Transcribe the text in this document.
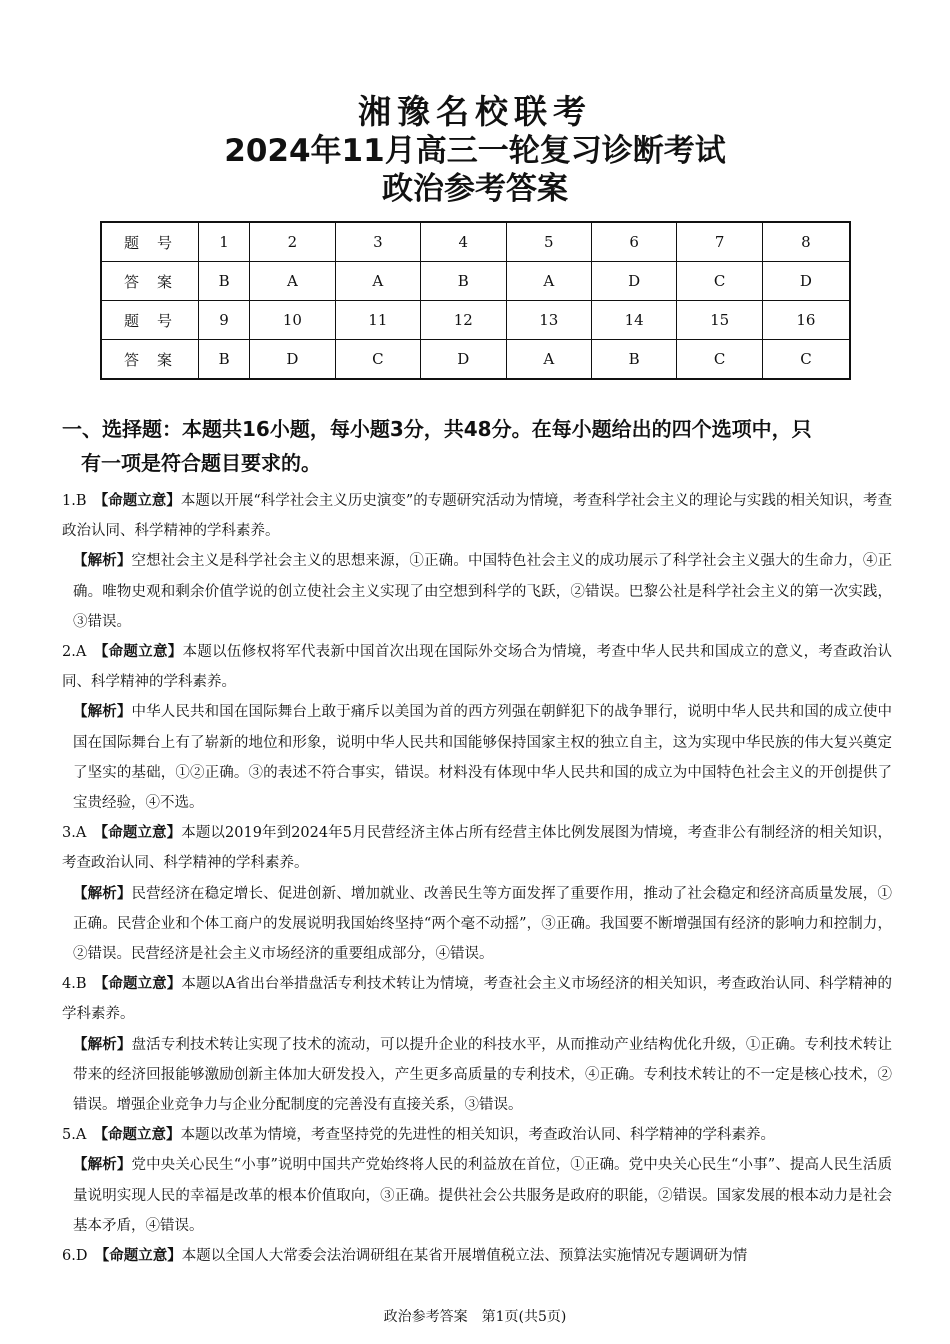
湘豫名校联考
2024年11月高三一轮复习诊断考试
政治参考答案
题号	1	2	3	4	5	6	7	8
答案	B	A	A	B	A	D	C	D
题号	9	10	11	12	13	14	15	16
答案	B	D	C	D	A	B	C	C
一、选择题：本题共16小题，每小题3分，共48分。在每小题给出的四个选项中，只
有一项是符合题目要求的。

1.B  【命题立意】本题以开展“科学社会主义历史演变”的专题研究活动为情境，考查科学社会主义的理论与实践的相关知识，考查政治认同、科学精神的学科素养。

【解析】空想社会主义是科学社会主义的思想来源，①正确。中国特色社会主义的成功展示了科学社会主义强大的生命力，④正确。唯物史观和剩余价值学说的创立使社会主义实现了由空想到科学的飞跃，②错误。巴黎公社是科学社会主义的第一次实践，③错误。

2.A  【命题立意】本题以伍修权将军代表新中国首次出现在国际外交场合为情境，考查中华人民共和国成立的意义，考查政治认同、科学精神的学科素养。

【解析】中华人民共和国在国际舞台上敢于痛斥以美国为首的西方列强在朝鲜犯下的战争罪行，说明中华人民共和国的成立使中国在国际舞台上有了崭新的地位和形象，说明中华人民共和国能够保持国家主权的独立自主，这为实现中华民族的伟大复兴奠定了坚实的基础，①②正确。③的表述不符合事实，错误。材料没有体现中华人民共和国的成立为中国特色社会主义的开创提供了宝贵经验，④不选。

3.A  【命题立意】本题以2019年到2024年5月民营经济主体占所有经营主体比例发展图为情境，考查非公有制经济的相关知识，考查政治认同、科学精神的学科素养。

【解析】民营经济在稳定增长、促进创新、增加就业、改善民生等方面发挥了重要作用，推动了社会稳定和经济高质量发展，①正确。民营企业和个体工商户的发展说明我国始终坚持“两个毫不动摇”，③正确。我国要不断增强国有经济的影响力和控制力，②错误。民营经济是社会主义市场经济的重要组成部分，④错误。

4.B  【命题立意】本题以A省出台举措盘活专利技术转让为情境，考查社会主义市场经济的相关知识，考查政治认同、科学精神的学科素养。

【解析】盘活专利技术转让实现了技术的流动，可以提升企业的科技水平，从而推动产业结构优化升级，①正确。专利技术转让带来的经济回报能够激励创新主体加大研发投入，产生更多高质量的专利技术，④正确。专利技术转让的不一定是核心技术，②错误。增强企业竞争力与企业分配制度的完善没有直接关系，③错误。

5.A  【命题立意】本题以改革为情境，考查坚持党的先进性的相关知识，考查政治认同、科学精神的学科素养。

【解析】党中央关心民生“小事”说明中国共产党始终将人民的利益放在首位，①正确。党中央关心民生“小事”、提高人民生活质量说明实现人民的幸福是改革的根本价值取向，③正确。提供社会公共服务是政府的职能，②错误。国家发展的根本动力是社会基本矛盾，④错误。

6.D  【命题立意】本题以全国人大常委会法治调研组在某省开展增值税立法、预算法实施情况专题调研为情

政治参考答案　第1页(共5页)
